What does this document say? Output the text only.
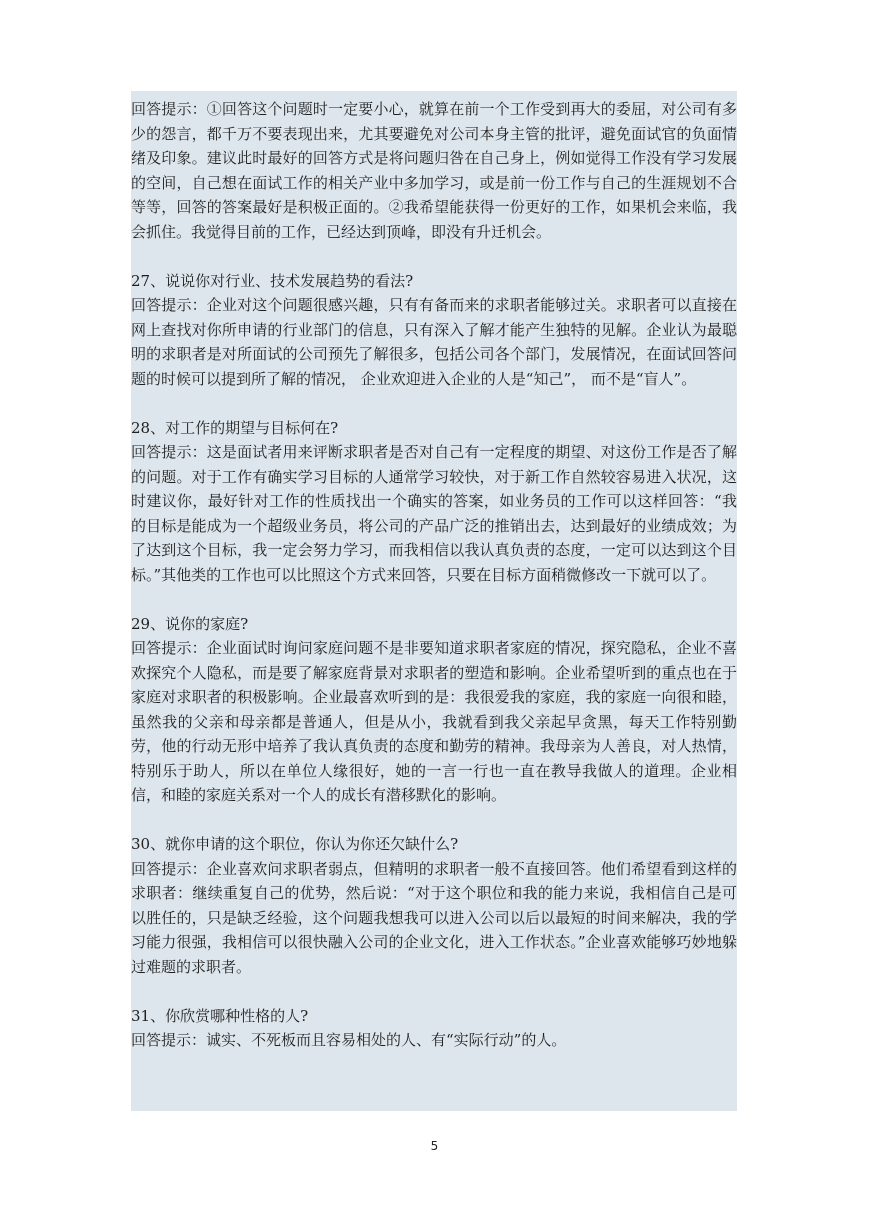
回答提示：①回答这个问题时一定要小心，就算在前一个工作受到再大的委屈，对公司有多少的怨言，都千万不要表现出来，尤其要避免对公司本身主管的批评，避免面试官的负面情绪及印象。建议此时最好的回答方式是将问题归咎在自己身上，例如觉得工作没有学习发展的空间，自己想在面试工作的相关产业中多加学习，或是前一份工作与自己的生涯规划不合等等，回答的答案最好是积极正面的。②我希望能获得一份更好的工作，如果机会来临，我会抓住。我觉得目前的工作，已经达到顶峰，即没有升迁机会。

27、说说你对行业、技术发展趋势的看法?

回答提示：企业对这个问题很感兴趣，只有有备而来的求职者能够过关。求职者可以直接在网上查找对你所申请的行业部门的信息，只有深入了解才能产生独特的见解。企业认为最聪明的求职者是对所面试的公司预先了解很多，包括公司各个部门，发展情况，在面试回答问题的时候可以提到所了解的情况， 企业欢迎进入企业的人是“知己”， 而不是“盲人”。

28、对工作的期望与目标何在?

回答提示：这是面试者用来评断求职者是否对自己有一定程度的期望、对这份工作是否了解的问题。对于工作有确实学习目标的人通常学习较快，对于新工作自然较容易进入状况，这时建议你，最好针对工作的性质找出一个确实的答案，如业务员的工作可以这样回答：“我的目标是能成为一个超级业务员，将公司的产品广泛的推销出去，达到最好的业绩成效；为了达到这个目标，我一定会努力学习，而我相信以我认真负责的态度，一定可以达到这个目标。”其他类的工作也可以比照这个方式来回答，只要在目标方面稍微修改一下就可以了。

29、说你的家庭?

回答提示：企业面试时询问家庭问题不是非要知道求职者家庭的情况，探究隐私，企业不喜欢探究个人隐私，而是要了解家庭背景对求职者的塑造和影响。企业希望听到的重点也在于家庭对求职者的积极影响。企业最喜欢听到的是：我很爱我的家庭，我的家庭一向很和睦，虽然我的父亲和母亲都是普通人，但是从小，我就看到我父亲起早贪黑，每天工作特别勤劳，他的行动无形中培养了我认真负责的态度和勤劳的精神。我母亲为人善良，对人热情，特别乐于助人，所以在单位人缘很好，她的一言一行也一直在教导我做人的道理。企业相信，和睦的家庭关系对一个人的成长有潜移默化的影响。

30、就你申请的这个职位，你认为你还欠缺什么?

回答提示：企业喜欢问求职者弱点，但精明的求职者一般不直接回答。他们希望看到这样的求职者：继续重复自己的优势，然后说：“对于这个职位和我的能力来说，我相信自己是可以胜任的，只是缺乏经验，这个问题我想我可以进入公司以后以最短的时间来解决，我的学习能力很强，我相信可以很快融入公司的企业文化，进入工作状态。”企业喜欢能够巧妙地躲过难题的求职者。

31、你欣赏哪种性格的人?

回答提示：诚实、不死板而且容易相处的人、有“实际行动”的人。

5
